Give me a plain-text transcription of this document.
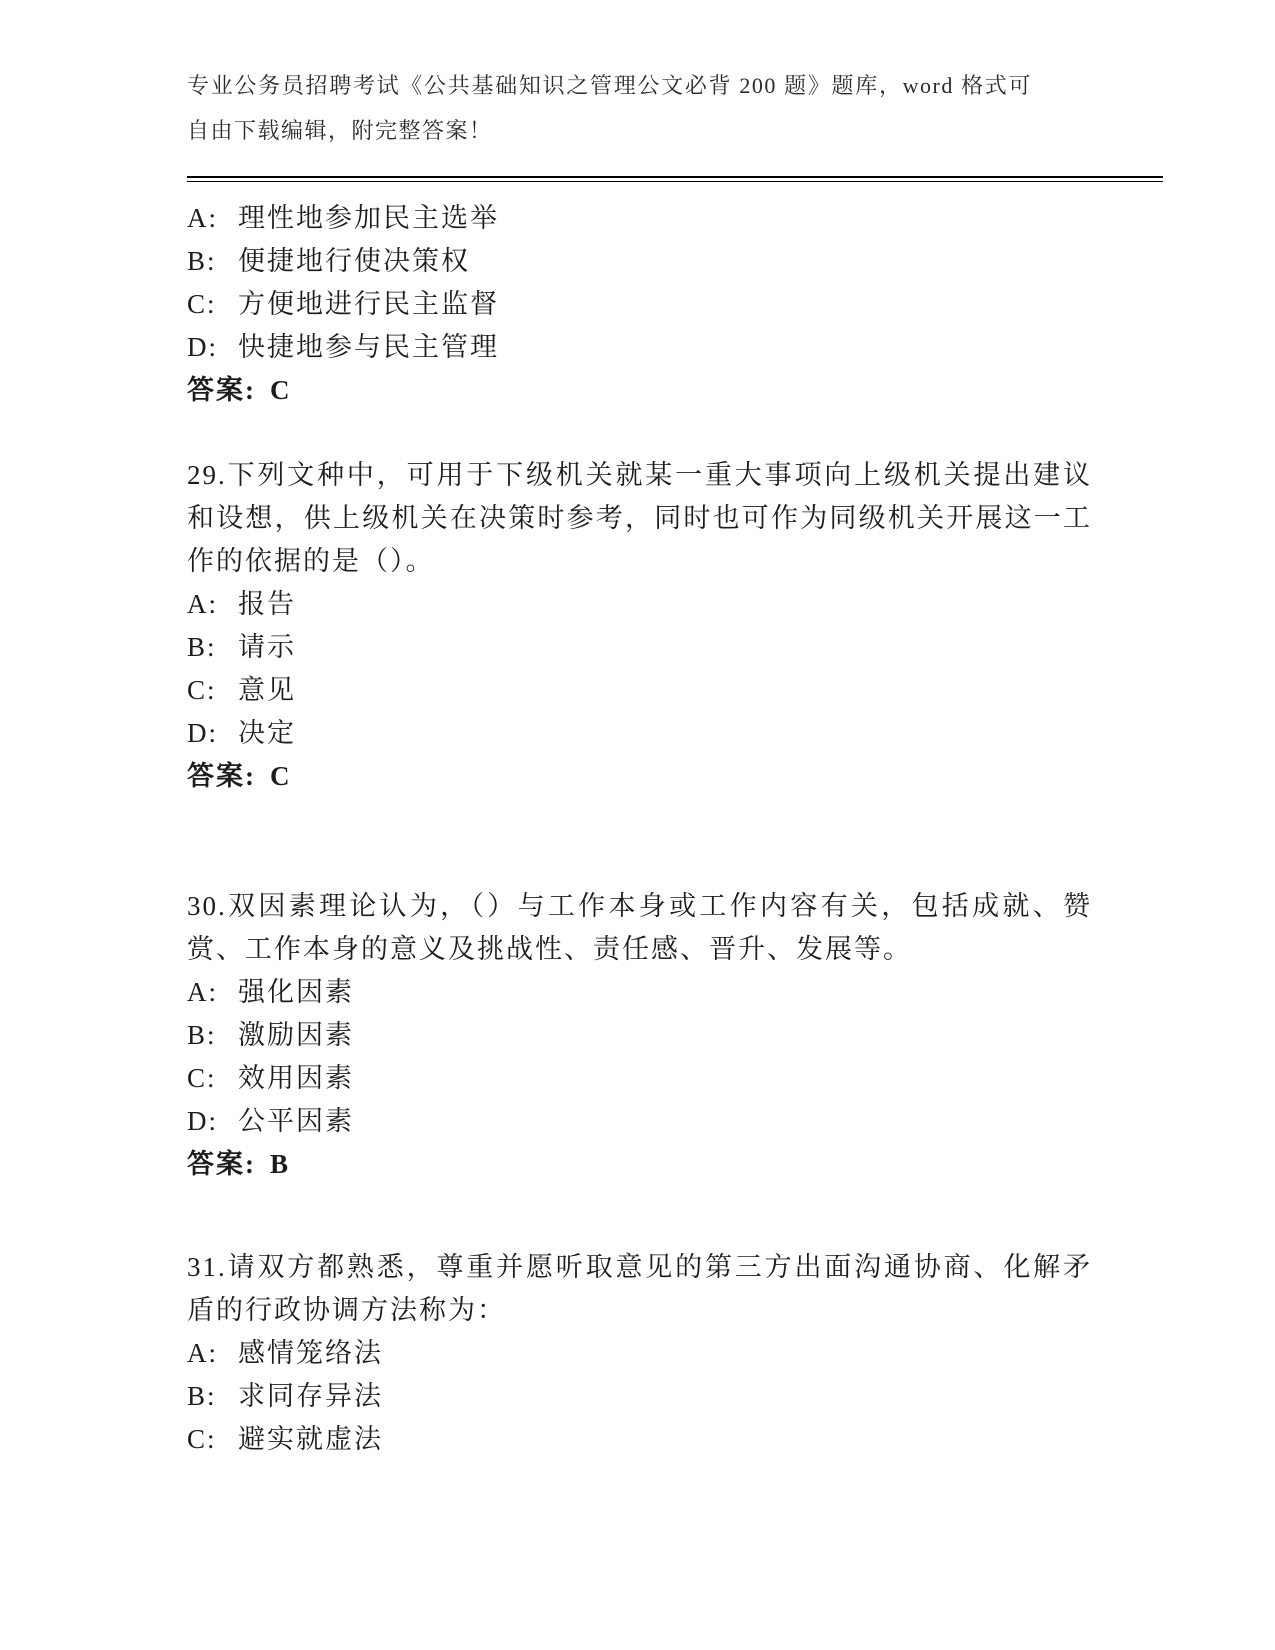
专业公务员招聘考试《公共基础知识之管理公文必背 200 题》题库，word 格式可自由下载编辑，附完整答案！

A: 理性地参加民主选举

B: 便捷地行使决策权

C: 方便地进行民主监督

D: 快捷地参与民主管理

答案: C

29.下列文种中，可用于下级机关就某一重大事项向上级机关提出建议和设想，供上级机关在决策时参考，同时也可作为同级机关开展这一工作的依据的是（）。

A: 报告

B: 请示

C: 意见

D: 决定

答案: C

30.双因素理论认为，（）与工作本身或工作内容有关，包括成就、赞赏、工作本身的意义及挑战性、责任感、晋升、发展等。

A: 强化因素

B: 激励因素

C: 效用因素

D: 公平因素

答案: B

31.请双方都熟悉，尊重并愿听取意见的第三方出面沟通协商、化解矛盾的行政协调方法称为：

A: 感情笼络法

B: 求同存异法

C: 避实就虚法
